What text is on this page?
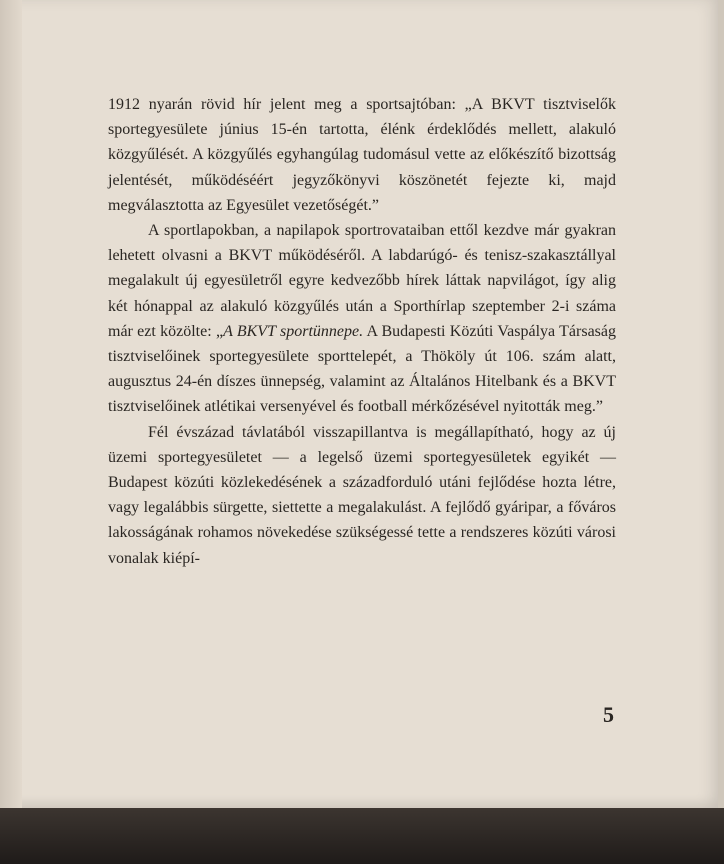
1912 nyarán rövid hír jelent meg a sportsajtóban: „A BKVT tisztviselők sportegyesülete június 15-én tartotta, élénk érdeklődés mellett, alakuló közgyűlését. A közgyűlés egyhangúlag tudomásul vette az előkészítő bizottság jelentését, működéséért jegyzőkönyvi köszönetét fejezte ki, majd megválasztotta az Egyesület vezetőségét.”

A sportlapokban, a napilapok sportrovataiban ettől kezdve már gyakran lehetett olvasni a BKVT működéséről. A labdarúgó- és tenisz-szakasztállyal megalakult új egyesületről egyre kedvezőbb hírek láttak napvilágot, így alig két hónappal az alakuló közgyűlés után a Sporthírlap szeptember 2-i száma már ezt közölte: „A BKVT sportünnepe. A Budapesti Közúti Vaspálya Társaság tisztviselőinek sportegyesülete sporttelepét, a Thököly út 106. szám alatt, augusztus 24-én díszes ünnepség, valamint az Általános Hitelbank és a BKVT tisztviselőinek atlétikai versenyével és football mérkőzésével nyitották meg.”

Fél évszázad távlatából visszapillantva is megállapítható, hogy az új üzemi sportegyesületet — a legelső üzemi sportegyesületek egyikét — Budapest közúti közlekedésének a századforduló utáni fejlődése hozta létre, vagy legalábbis sürgette, siettette a megalakulást. A fejlődő gyáripar, a főváros lakosságának rohamos növekedése szükségessé tette a rendszeres közúti városi vonalak kiépí-

5
